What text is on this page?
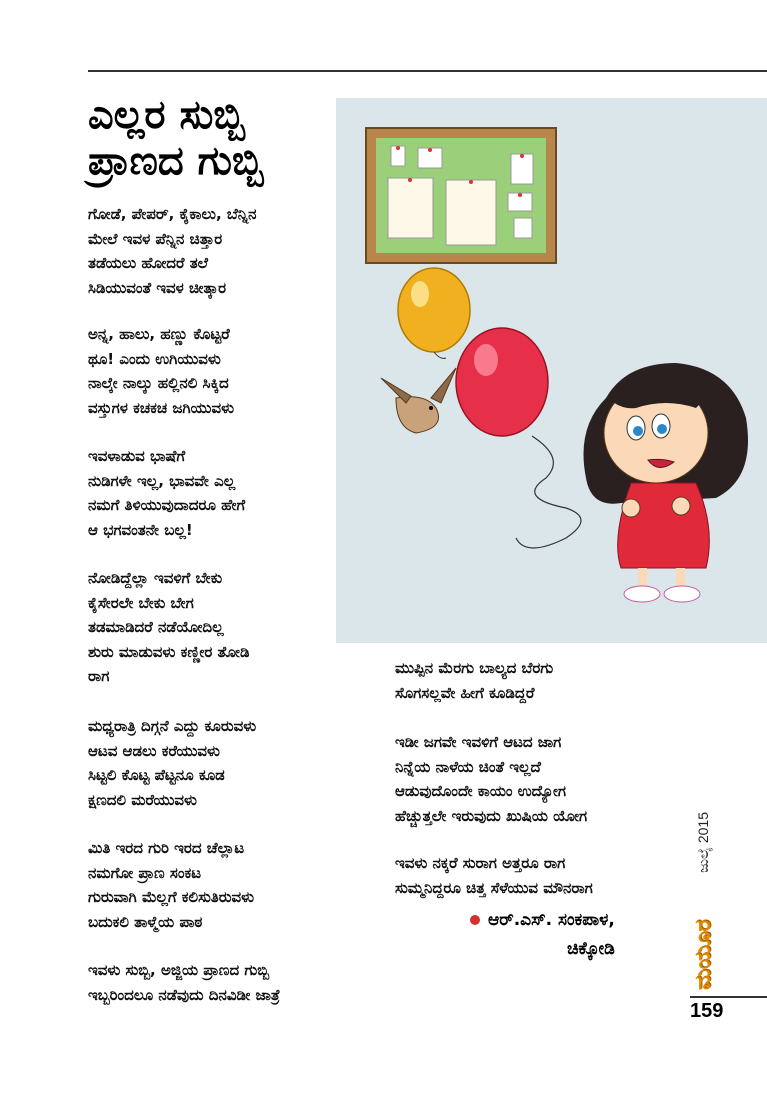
ಎಲ್ಲರ ಸುಬ್ಬಿ
ಪ್ರಾಣದ ಗುಬ್ಬಿ

ಗೋಡೆ, ಪೇಪರ್, ಕೈಕಾಲು, ಬೆನ್ನಿನ
ಮೇಲೆ ಇವಳ ಪೆನ್ನಿನ ಚಿತ್ತಾರ
ತಡೆಯಲು ಹೋದರೆ ತಲೆ
ಸಿಡಿಯುವಂತೆ ಇವಳ ಚೀತ್ಕಾರ

ಅನ್ನ, ಹಾಲು, ಹಣ್ಣು ಕೊಟ್ಟರೆ
ಥೂ! ಎಂದು ಉಗಿಯುವಳು
ನಾಲ್ಕೇ ನಾಲ್ಕು ಹಲ್ಲಿನಲಿ ಸಿಕ್ಕಿದ
ವಸ್ತುಗಳ ಕಚಕಚ ಜಗಿಯುವಳು

ಇವಳಾಡುವ ಭಾಷೆಗೆ
ನುಡಿಗಳೇ ಇಲ್ಲ, ಭಾವವೇ ಎಲ್ಲ
ನಮಗೆ ತಿಳಿಯುವುದಾದರೂ ಹೇಗೆ
ಆ ಭಗವಂತನೇ ಬಲ್ಲ!

ನೋಡಿದ್ದೆಲ್ಲಾ ಇವಳಿಗೆ ಬೇಕು
ಕೈಸೇರಲೇ ಬೇಕು ಬೇಗ
ತಡಮಾಡಿದರೆ ನಡೆಯೋದಿಲ್ಲ
ಶುರು ಮಾಡುವಳು ಕಣ್ಣೀರ ತೋಡಿ
ರಾಗ

ಮಧ್ಯರಾತ್ರಿ ದಿಗ್ಗನೆ ಎದ್ದು ಕೂರುವಳು
ಆಟವ ಆಡಲು ಕರೆಯುವಳು
ಸಿಟ್ಟಲಿ ಕೊಟ್ಟ ಪೆಟ್ಟನೂ ಕೂಡ
ಕ್ಷಣದಲಿ ಮರೆಯುವಳು

ಮಿತಿ ಇರದ ಗುರಿ ಇರದ ಚೆಲ್ಲಾಟ
ನಮಗೋ ಪ್ರಾಣ ಸಂಕಟ
ಗುರುವಾಗಿ ಮೆಲ್ಲಗೆ ಕಲಿಸುತಿರುವಳು
ಬದುಕಲಿ ತಾಳ್ಮೆಯ ಪಾಠ

ಇವಳು ಸುಬ್ಬಿ, ಅಜ್ಜಿಯ ಪ್ರಾಣದ ಗುಬ್ಬಿ
ಇಬ್ಬರಿಂದಲೂ ನಡೆವುದು ದಿನವಿಡೀ ಜಾತ್ರೆ

ಮುಪ್ಪಿನ ಮೆರಗು ಬಾಲ್ಯದ ಬೆರಗು
ಸೊಗಸಲ್ಲವೇ ಹೀಗೆ ಕೂಡಿದ್ದರೆ

ಇಡೀ ಜಗವೇ ಇವಳಿಗೆ ಆಟದ ಜಾಗ
ನಿನ್ನೆಯ ನಾಳೆಯ ಚಿಂತೆ ಇಲ್ಲದೆ
ಆಡುವುದೊಂದೇ ಕಾಯಂ ಉದ್ಯೋಗ
ಹೆಚ್ಚುತ್ತಲೇ ಇರುವುದು ಖುಷಿಯ ಯೋಗ

ಇವಳು ನಕ್ಕರೆ ಸುರಾಗ ಅತ್ತರೂ ರಾಗ
ಸುಮ್ಮನಿದ್ದರೂ ಚಿತ್ತ ಸೆಳೆಯುವ ಮೌನರಾಗ

ಆರ್.ಎಸ್. ಸಂಕಪಾಳ,
ಚಿಕ್ಕೋಡಿ
ಜುಲೈ 2015
ಮಯೂರ
159
